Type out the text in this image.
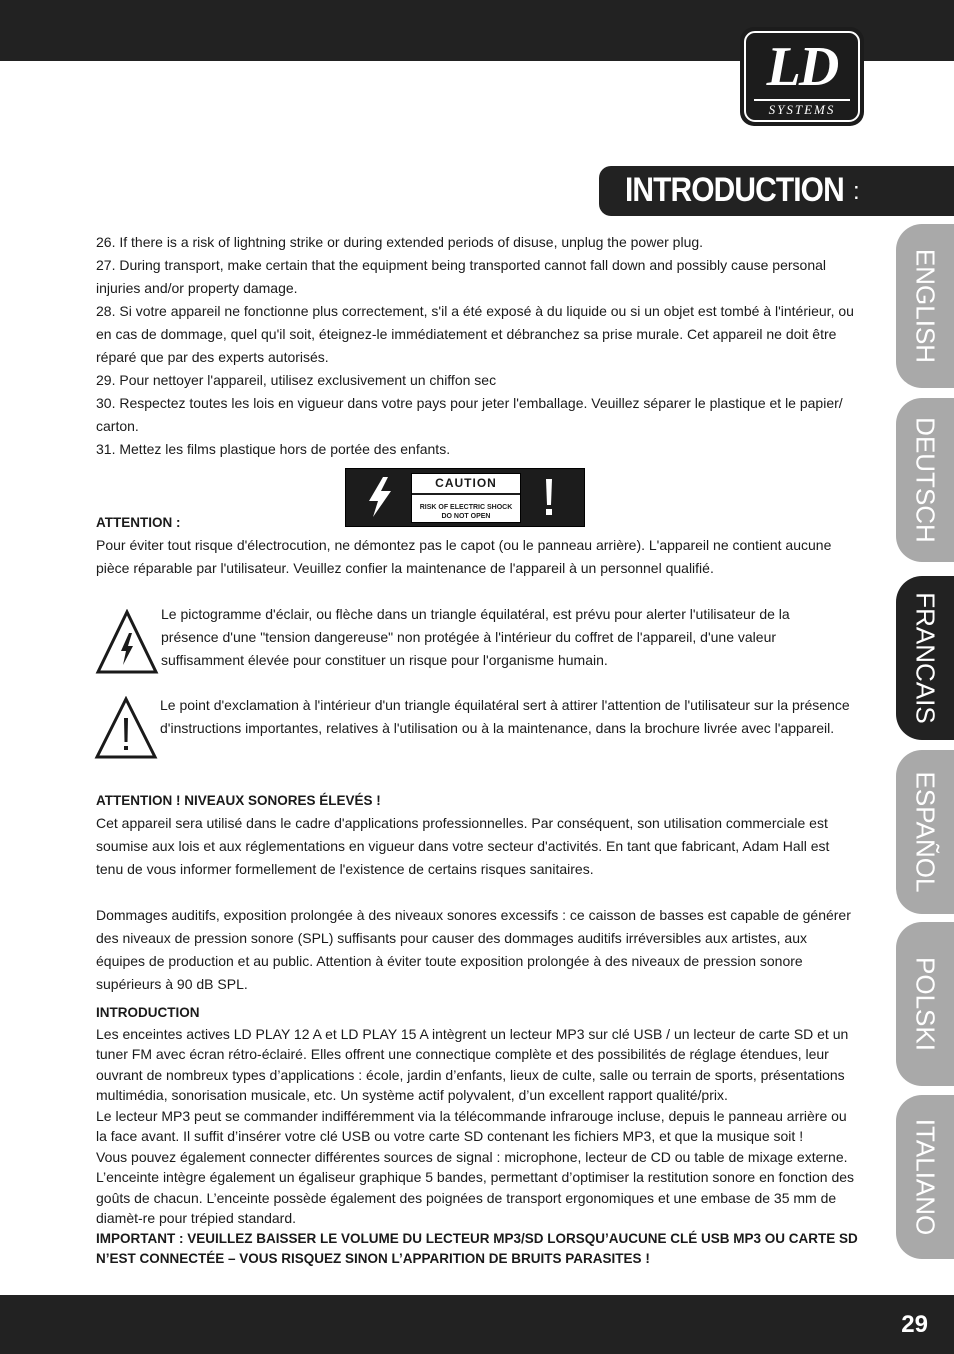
LD
SYSTEMS
INTRODUCTION :
ENGLISH
DEUTSCH
FRANCAIS
ESPAÑOL
POLSKI
ITALIANO

26. If there is a risk of lightning strike or during extended periods of disuse, unplug the power plug.

27. During transport, make certain that the equipment being transported cannot fall down and possibly cause personal injuries and/or property damage.

28. Si votre appareil ne fonctionne plus correctement, s'il a été exposé à du liquide ou si un objet est tombé à l'intérieur, ou en cas de dommage, quel qu'il soit, éteignez-le immédiatement et débranchez sa prise murale. Cet appareil ne doit être réparé que par des experts autorisés.

29. Pour nettoyer l'appareil, utilisez exclusivement un chiffon sec

30. Respectez toutes les lois en vigueur dans votre pays pour jeter l'emballage. Veuillez séparer le plastique et le papier/ carton.

31. Mettez les films plastique hors de portée des enfants.

CAUTION
RISK OF ELECTRIC SHOCK
DO NOT OPEN

ATTENTION :

Pour éviter tout risque d'électrocution, ne démontez pas le capot (ou le panneau arrière). L'appareil ne contient aucune pièce réparable par l'utilisateur. Veuillez confier la maintenance de l'appareil à un personnel qualifié.

Le pictogramme d'éclair, ou flèche dans un triangle équilatéral, est prévu pour alerter l'utilisateur de la présence d'une "tension dangereuse" non protégée à l'intérieur du coffret de l'appareil, d'une valeur suffisamment élevée pour constituer un risque pour l'organisme humain.

Le point d'exclamation à l'intérieur d'un triangle équilatéral sert à attirer l'attention de l'utilisateur sur la présence d'instructions importantes, relatives à l'utilisation ou à la maintenance, dans la brochure livrée avec l'appareil.

ATTENTION ! NIVEAUX SONORES ÉLEVÉS !

Cet appareil sera utilisé dans le cadre d'applications professionnelles. Par conséquent, son utilisation commerciale est soumise aux lois et aux réglementations en vigueur dans votre secteur d'activités. En tant que fabricant, Adam Hall est tenu de vous informer formellement de l'existence de certains risques sanitaires.

Dommages auditifs, exposition prolongée à des niveaux sonores excessifs : ce caisson de basses est capable de générer des niveaux de pression sonore (SPL) suffisants pour causer des dommages auditifs irréversibles aux artistes, aux équipes de production et au public. Attention à éviter toute exposition prolongée à des niveaux de pression sonore supérieurs à 90 dB SPL.

INTRODUCTION

Les enceintes actives LD PLAY 12 A et LD PLAY 15 A intègrent un lecteur MP3 sur clé USB / un lecteur de carte SD et un tuner FM avec écran rétro-éclairé. Elles offrent une connectique complète et des possibilités de réglage étendues, leur ouvrant de nombreux types d’applications : école, jardin d’enfants, lieux de culte, salle ou terrain de sports, présentations multimédia, sonorisation musicale, etc. Un système actif polyvalent, d’un excellent rapport qualité/prix.

Le lecteur MP3 peut se commander indifféremment via la télécommande infrarouge incluse, depuis le panneau arrière ou la face avant. Il suffit d’insérer votre clé USB ou votre carte SD contenant les fichiers MP3, et que la musique soit !

Vous pouvez également connecter différentes sources de signal : microphone, lecteur de CD ou table de mixage externe.

L’enceinte intègre également un égaliseur graphique 5 bandes, permettant d’optimiser la restitution sonore en fonction des goûts de chacun. L’enceinte possède également des poignées de transport ergonomiques et une embase de 35 mm de diamèt-re pour trépied standard.

IMPORTANT : VEUILLEZ BAISSER LE VOLUME DU LECTEUR MP3/SD LORSQU’AUCUNE CLÉ USB MP3 OU CARTE SD N’EST CONNECTÉE – VOUS RISQUEZ SINON L’APPARITION DE BRUITS PARASITES !

29
